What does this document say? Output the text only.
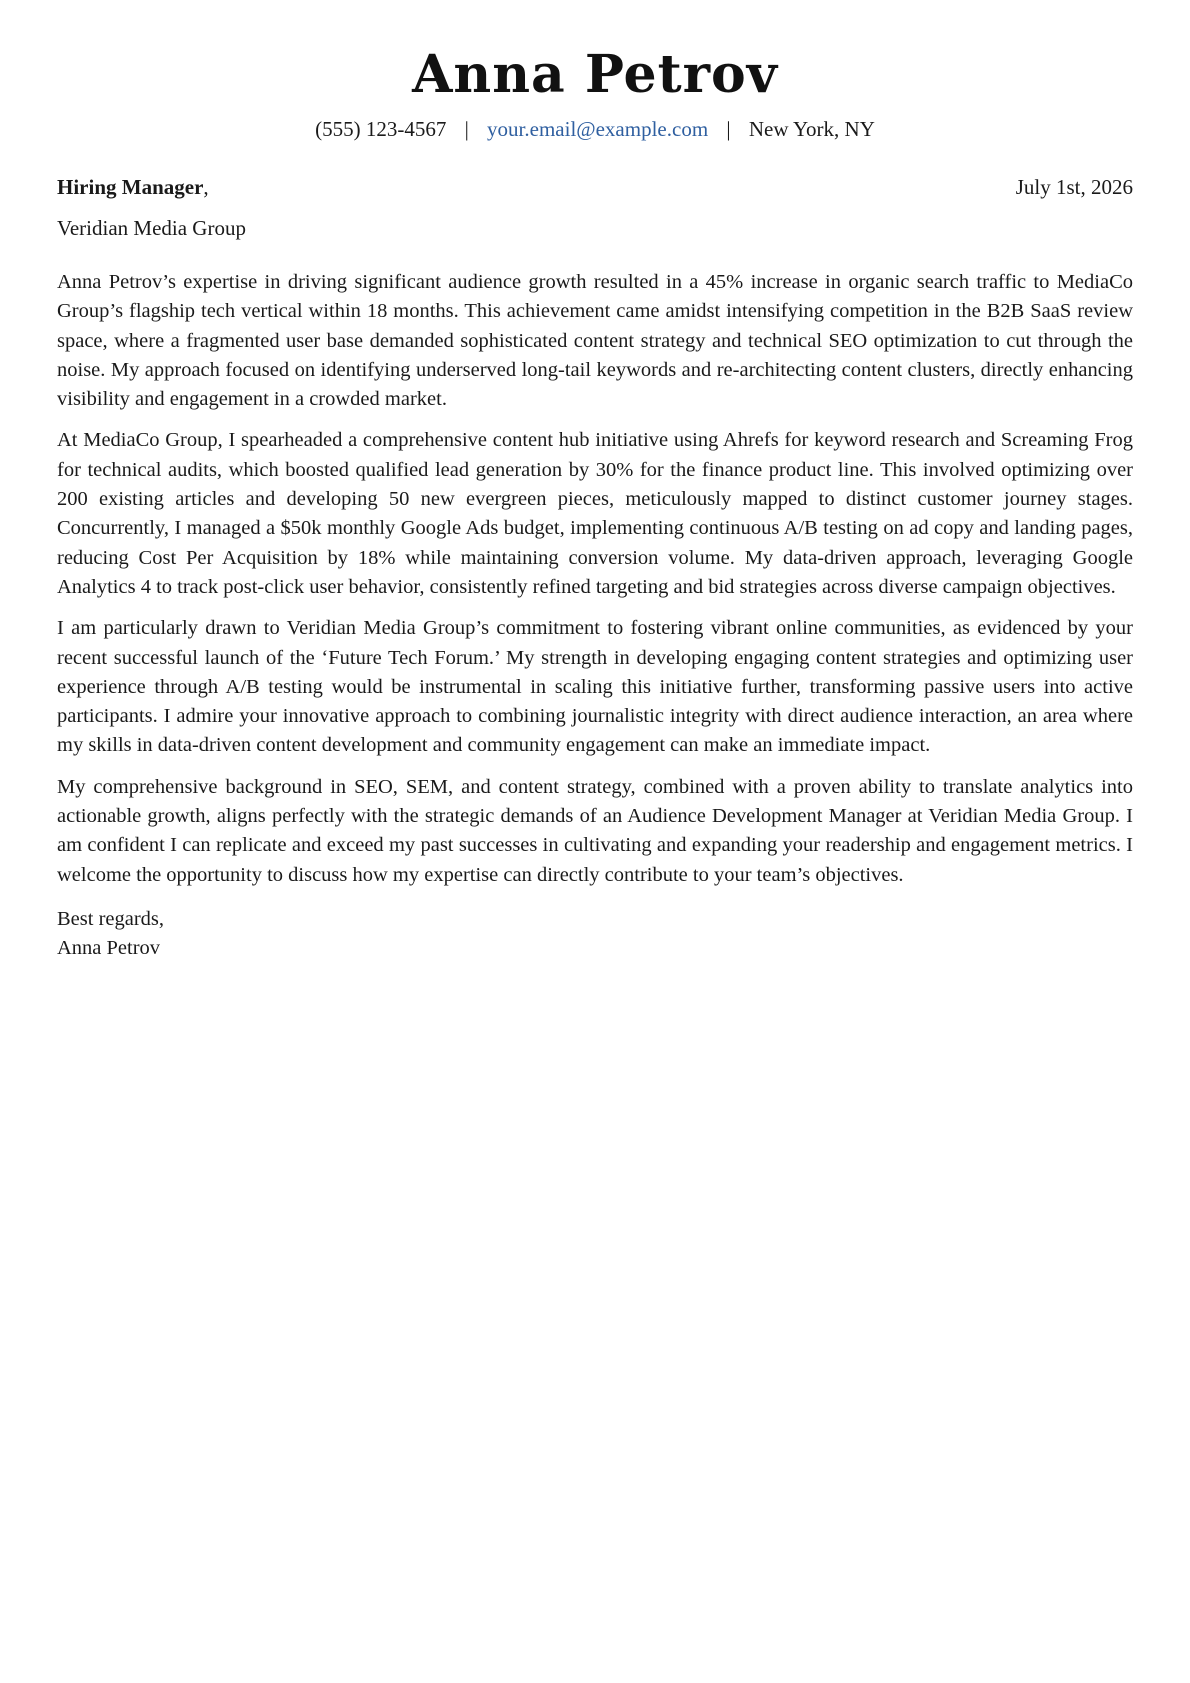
Anna Petrov
(555) 123-4567 | your.email@example.com | New York, NY
Hiring Manager,	July 1st, 2026
Veridian Media Group

Anna Petrov’s expertise in driving significant audience growth resulted in a 45% increase in organic search traffic to MediaCo Group’s flagship tech vertical within 18 months. This achievement came amidst intensifying competition in the B2B SaaS review space, where a fragmented user base demanded sophisticated content strategy and technical SEO optimization to cut through the noise. My approach focused on identifying underserved long-tail keywords and re-architecting content clusters, directly enhancing visibility and engagement in a crowded market.

At MediaCo Group, I spearheaded a comprehensive content hub initiative using Ahrefs for keyword research and Screaming Frog for technical audits, which boosted qualified lead generation by 30% for the finance product line. This involved optimizing over 200 existing articles and developing 50 new evergreen pieces, meticulously mapped to distinct customer journey stages. Concurrently, I managed a $50k monthly Google Ads budget, implementing continuous A/B testing on ad copy and landing pages, reducing Cost Per Acquisition by 18% while maintaining conversion volume. My data-driven approach, leveraging Google Analytics 4 to track post-click user behavior, consistently refined targeting and bid strategies across diverse campaign objectives.

I am particularly drawn to Veridian Media Group’s commitment to fostering vibrant online communities, as evidenced by your recent successful launch of the ‘Future Tech Forum.’ My strength in developing engaging content strategies and optimizing user experience through A/B testing would be instrumental in scaling this initiative further, transforming passive users into active participants. I admire your innovative approach to combining journalistic integrity with direct audience interaction, an area where my skills in data-driven content development and community engagement can make an immediate impact.

My comprehensive background in SEO, SEM, and content strategy, combined with a proven ability to translate analytics into actionable growth, aligns perfectly with the strategic demands of an Audience Development Manager at Veridian Media Group. I am confident I can replicate and exceed my past successes in cultivating and expanding your readership and engagement metrics. I welcome the opportunity to discuss how my expertise can directly contribute to your team’s objectives.

Best regards,
Anna Petrov
